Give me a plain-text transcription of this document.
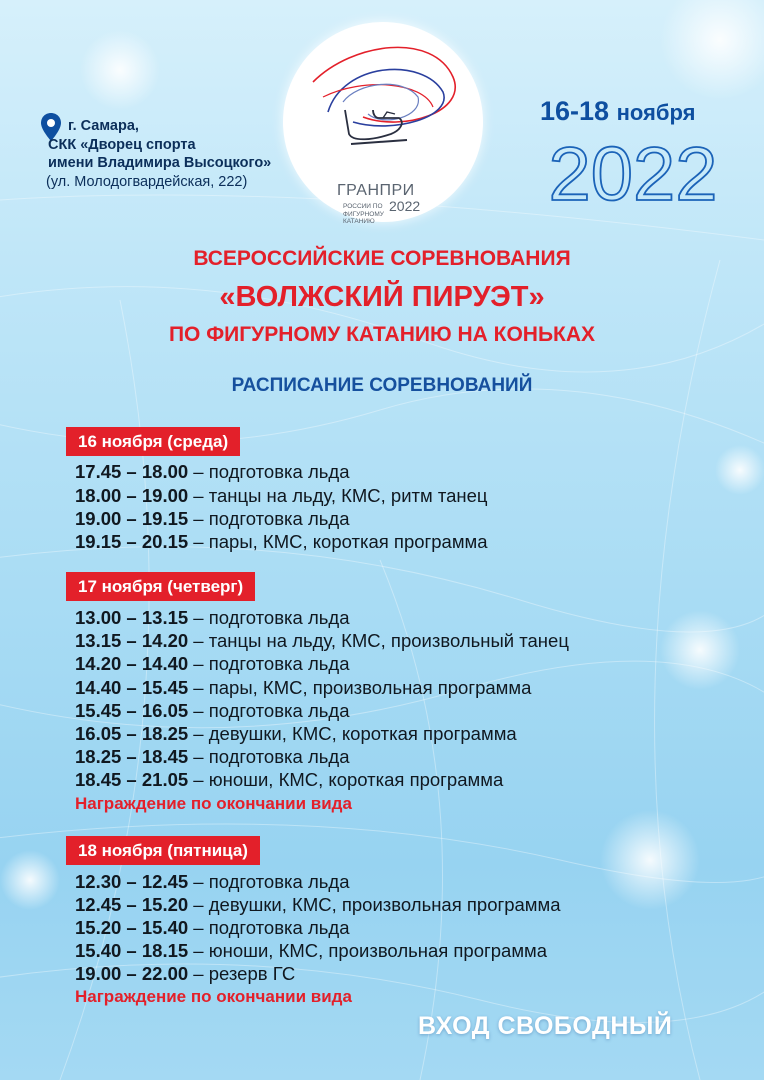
г. Самара,
СКК «Дворец спорта
имени Владимира Высоцкого»
(ул. Молодогвардейская, 222)
ГРАНПРИ
РОССИИ ПО ФИГУРНОМУ КАТАНИЮ
2022
16-18 ноября
2022
ВСЕРОССИЙСКИЕ СОРЕВНОВАНИЯ
«ВОЛЖСКИЙ ПИРУЭТ»
ПО ФИГУРНОМУ КАТАНИЮ НА КОНЬКАХ
РАСПИСАНИЕ СОРЕВНОВАНИЙ
16 ноября (среда)
17.45 – 18.00 – подготовка льда
18.00 – 19.00 – танцы на льду, КМС, ритм танец
19.00 – 19.15 – подготовка льда
19.15 – 20.15 – пары, КМС, короткая программа
17 ноября (четверг)
13.00 – 13.15 – подготовка льда
13.15 – 14.20 – танцы на льду, КМС, произвольный танец
14.20 – 14.40 – подготовка льда
14.40 – 15.45 – пары, КМС, произвольная программа
15.45 – 16.05 – подготовка льда
16.05 – 18.25 – девушки, КМС, короткая программа
18.25 – 18.45 – подготовка льда
18.45 – 21.05 – юноши, КМС, короткая программа
Награждение по окончании вида
18 ноября (пятница)
12.30 – 12.45 – подготовка льда
12.45 – 15.20 – девушки, КМС, произвольная программа
15.20 – 15.40 – подготовка льда
15.40 – 18.15 – юноши, КМС, произвольная программа
19.00 – 22.00 – резерв ГС
Награждение по окончании вида
ВХОД СВОБОДНЫЙ
